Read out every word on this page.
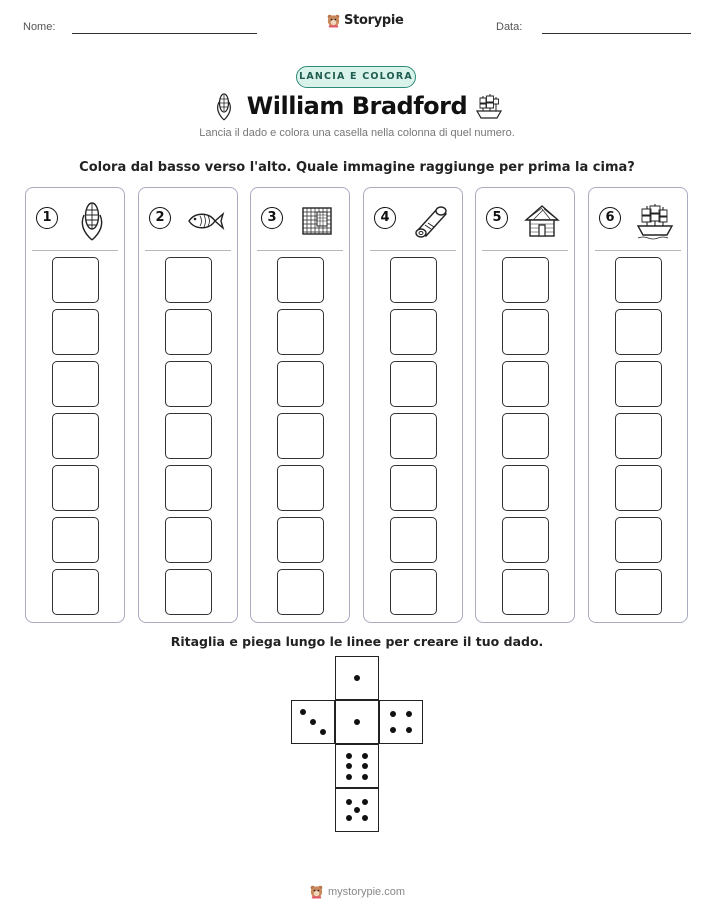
Nome:	Storypie	Data:
LANCIA E COLORA
William Bradford
Lancia il dado e colora una casella nella colonna di quel numero.
Colora dal basso verso l'alto. Quale immagine raggiunge per prima la cima?
1	2	3	4	5	6
Ritaglia e piega lungo le linee per creare il tuo dado.
mystorypie.com
